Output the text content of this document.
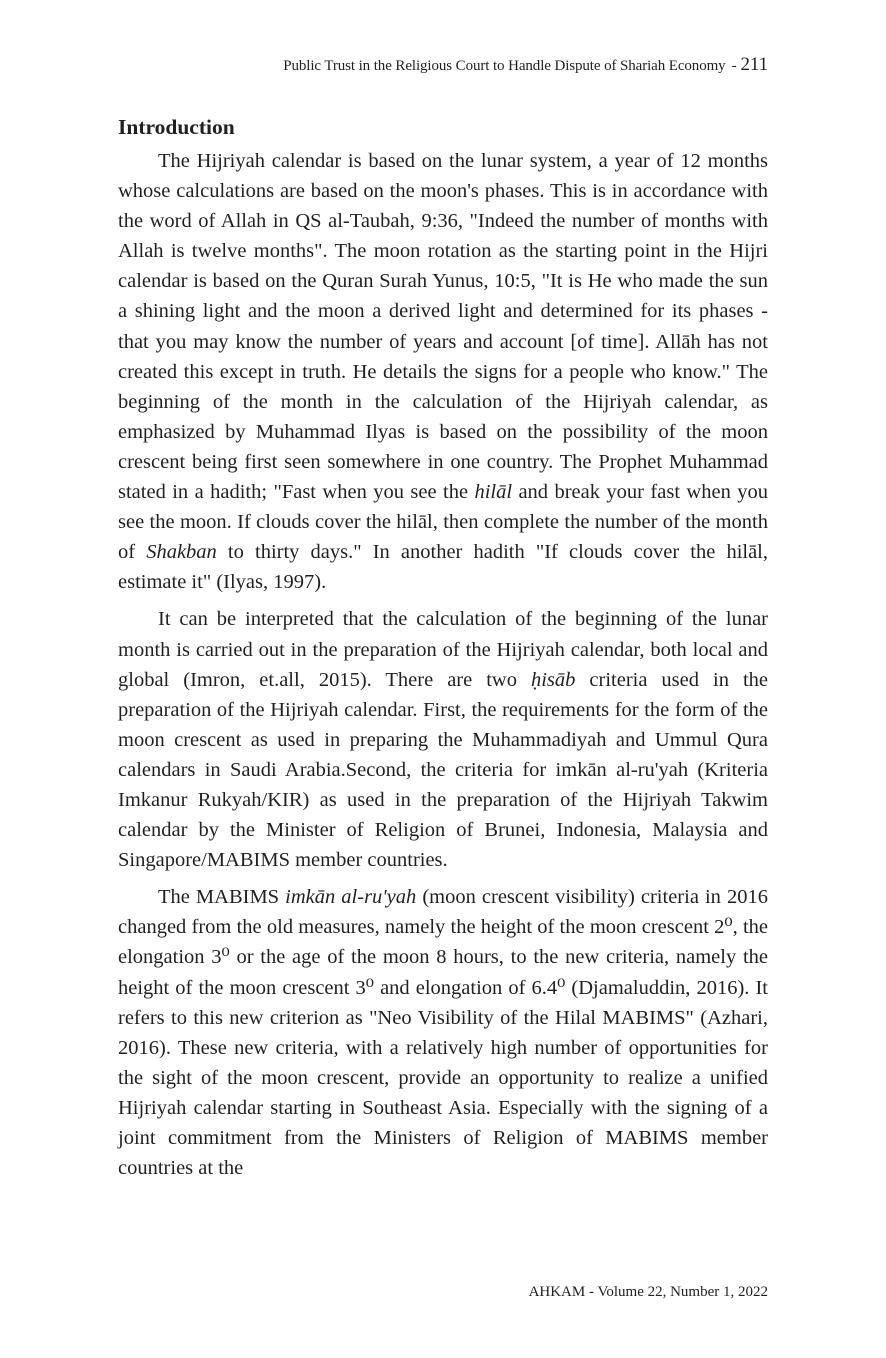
Public Trust in the Religious Court to Handle Dispute of Shariah Economy - 211
Introduction

The Hijriyah calendar is based on the lunar system, a year of 12 months whose calculations are based on the moon's phases. This is in accordance with the word of Allah in QS al-Taubah, 9:36, "Indeed the number of months with Allah is twelve months". The moon rotation as the starting point in the Hijri calendar is based on the Quran Surah Yunus, 10:5, "It is He who made the sun a shining light and the moon a derived light and determined for its phases - that you may know the number of years and account [of time]. Allāh has not created this except in truth. He details the signs for a people who know." The beginning of the month in the calculation of the Hijriyah calendar, as emphasized by Muhammad Ilyas is based on the possibility of the moon crescent being first seen somewhere in one country. The Prophet Muhammad stated in a hadith; "Fast when you see the hilāl and break your fast when you see the moon. If clouds cover the hilāl, then complete the number of the month of Shakban to thirty days." In another hadith "If clouds cover the hilāl, estimate it" (Ilyas, 1997).

It can be interpreted that the calculation of the beginning of the lunar month is carried out in the preparation of the Hijriyah calendar, both local and global (Imron, et.all, 2015). There are two ḥisāb criteria used in the preparation of the Hijriyah calendar. First, the requirements for the form of the moon crescent as used in preparing the Muhammadiyah and Ummul Qura calendars in Saudi Arabia.Second, the criteria for imkān al-ru'yah (Kriteria Imkanur Rukyah/KIR) as used in the preparation of the Hijriyah Takwim calendar by the Minister of Religion of Brunei, Indonesia, Malaysia and Singapore/MABIMS member countries.

The MABIMS imkān al-ru'yah (moon crescent visibility) criteria in 2016 changed from the old measures, namely the height of the moon crescent 2⁰, the elongation 3⁰ or the age of the moon 8 hours, to the new criteria, namely the height of the moon crescent 3⁰ and elongation of 6.4⁰ (Djamaluddin, 2016). It refers to this new criterion as "Neo Visibility of the Hilal MABIMS" (Azhari, 2016). These new criteria, with a relatively high number of opportunities for the sight of the moon crescent, provide an opportunity to realize a unified Hijriyah calendar starting in Southeast Asia. Especially with the signing of a joint commitment from the Ministers of Religion of MABIMS member countries at the

AHKAM - Volume 22, Number 1, 2022
